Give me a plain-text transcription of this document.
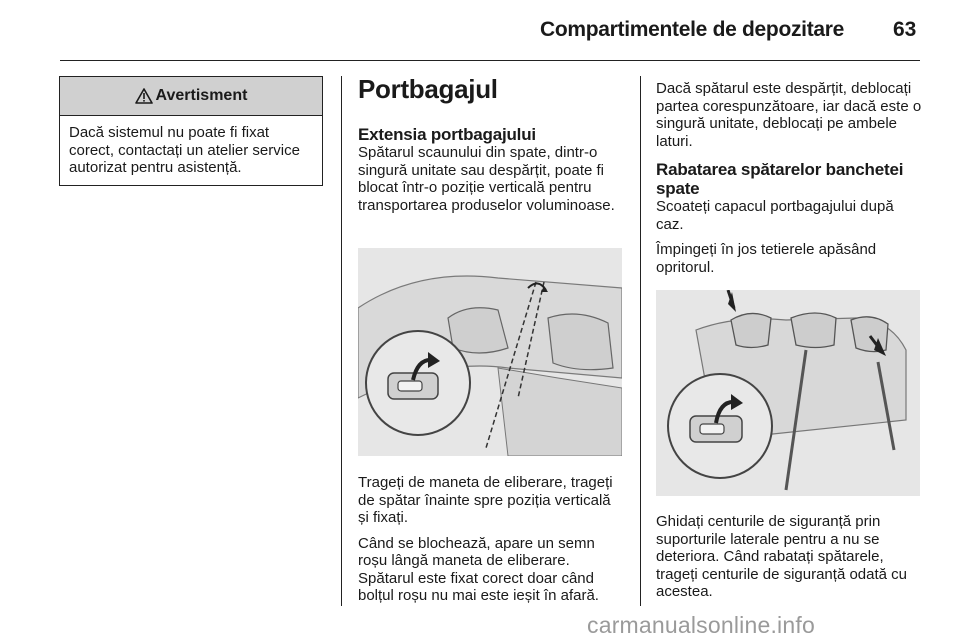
Compartimentele de depozitare 63
Avertisment
Dacă sistemul nu poate fi fixat corect, contactați un atelier service autorizat pentru asistență.
Portbagajul
Extensia portbagajului

Spătarul scaunului din spate, dintr-o singură unitate sau despărțit, poate fi blocat într-o poziție verticală pentru transportarea produselor voluminoase.

Trageți de maneta de eliberare, trageți de spătar înainte spre poziția verticală și fixați.

Când se blochează, apare un semn roșu lângă maneta de eliberare. Spătarul este fixat corect doar când bolțul roșu nu mai este ieșit în afară.

Dacă spătarul este despărțit, deblocați partea corespunzătoare, iar dacă este o singură unitate, deblocați pe ambele laturi.

Rabatarea spătarelor banchetei spate

Scoateți capacul portbagajului după caz.

Împingeți în jos tetierele apăsând opritorul.

Ghidați centurile de siguranță prin suporturile laterale pentru a nu se deteriora. Când rabatați spătarele, trageți centurile de siguranță odată cu acestea.

carmanualsonline.info
